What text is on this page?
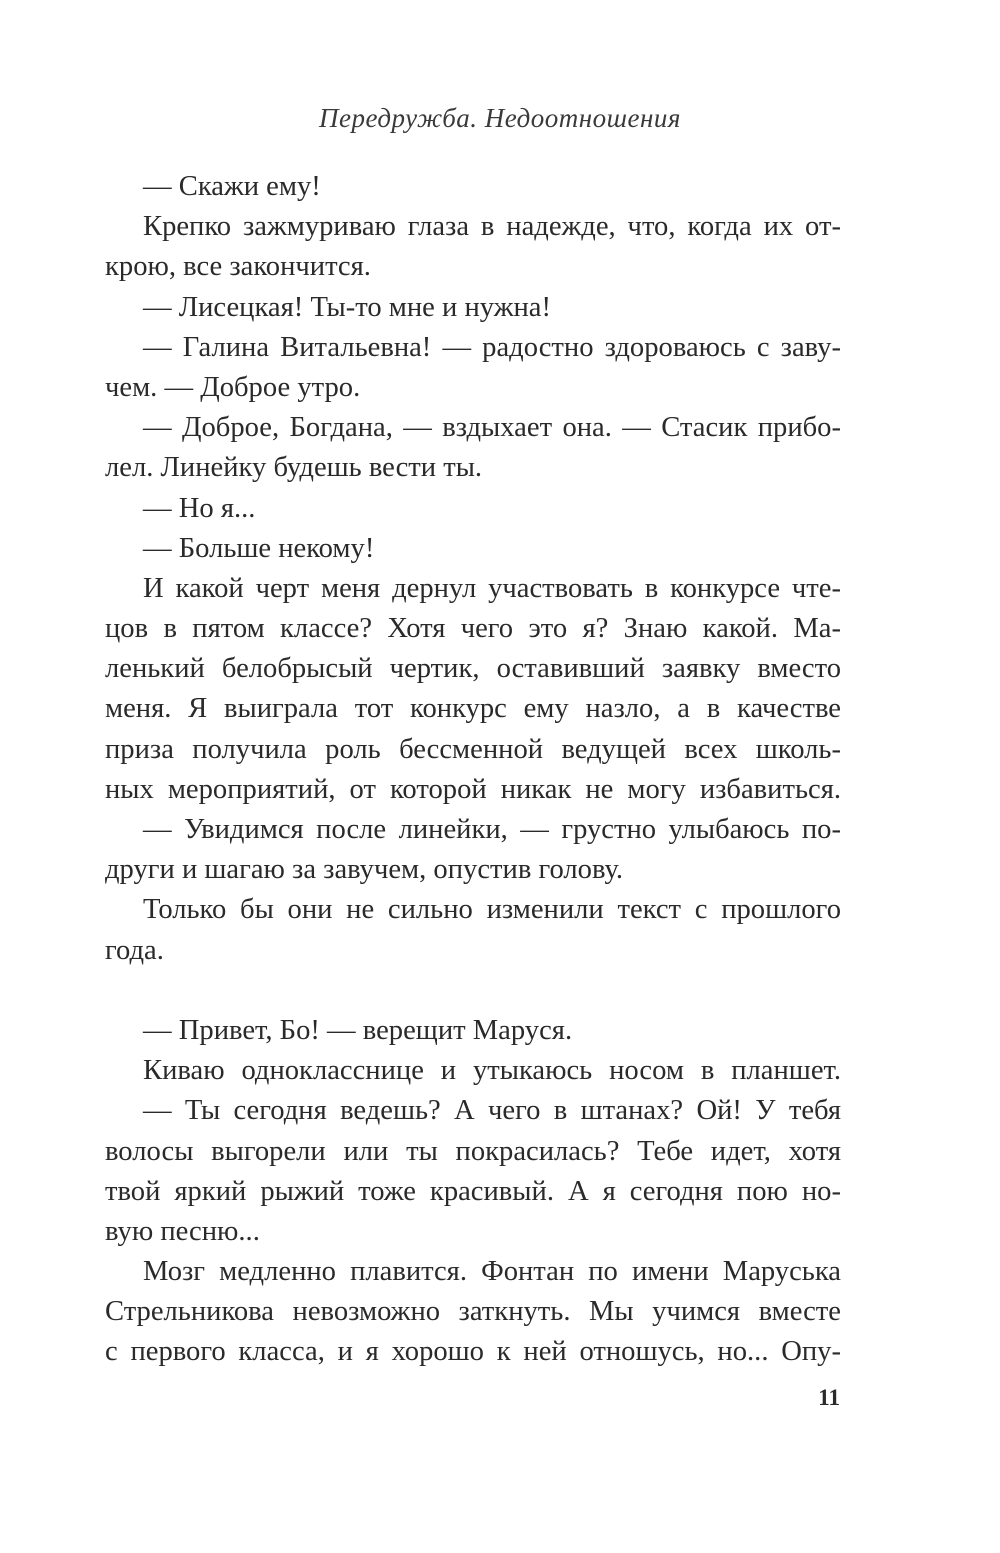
Передружба. Недоотношения
— Скажи ему!
Крепко зажмуриваю глаза в надежде, что, когда их от-
крою, все закончится.
— Лисецкая! Ты-то мне и нужна!
— Галина Витальевна! — радостно здороваюсь с заву-
чем. — Доброе утро.
— Доброе, Богдана, — вздыхает она. — Стасик прибо-
лел. Линейку будешь вести ты.
— Но я...
— Больше некому!
И какой черт меня дернул участвовать в конкурсе чте-
цов в пятом классе? Хотя чего это я? Знаю какой. Ма-
ленький белобрысый чертик, оставивший заявку вместо
меня. Я выиграла тот конкурс ему назло, а в качестве
приза получила роль бессменной ведущей всех школь-
ных мероприятий, от которой никак не могу избавиться.
— Увидимся после линейки, — грустно улыбаюсь по-
други и шагаю за завучем, опустив голову.
Только бы они не сильно изменили текст с прошлого
года.
— Привет, Бо! — верещит Маруся.
Киваю однокласснице и утыкаюсь носом в планшет.
— Ты сегодня ведешь? А чего в штанах? Ой! У тебя
волосы выгорели или ты покрасилась? Тебе идет, хотя
твой яркий рыжий тоже красивый. А я сегодня пою но-
вую песню...
Мозг медленно плавится. Фонтан по имени Маруська
Стрельникова невозможно заткнуть. Мы учимся вместе
с первого класса, и я хорошо к ней отношусь, но... Опу-
11
